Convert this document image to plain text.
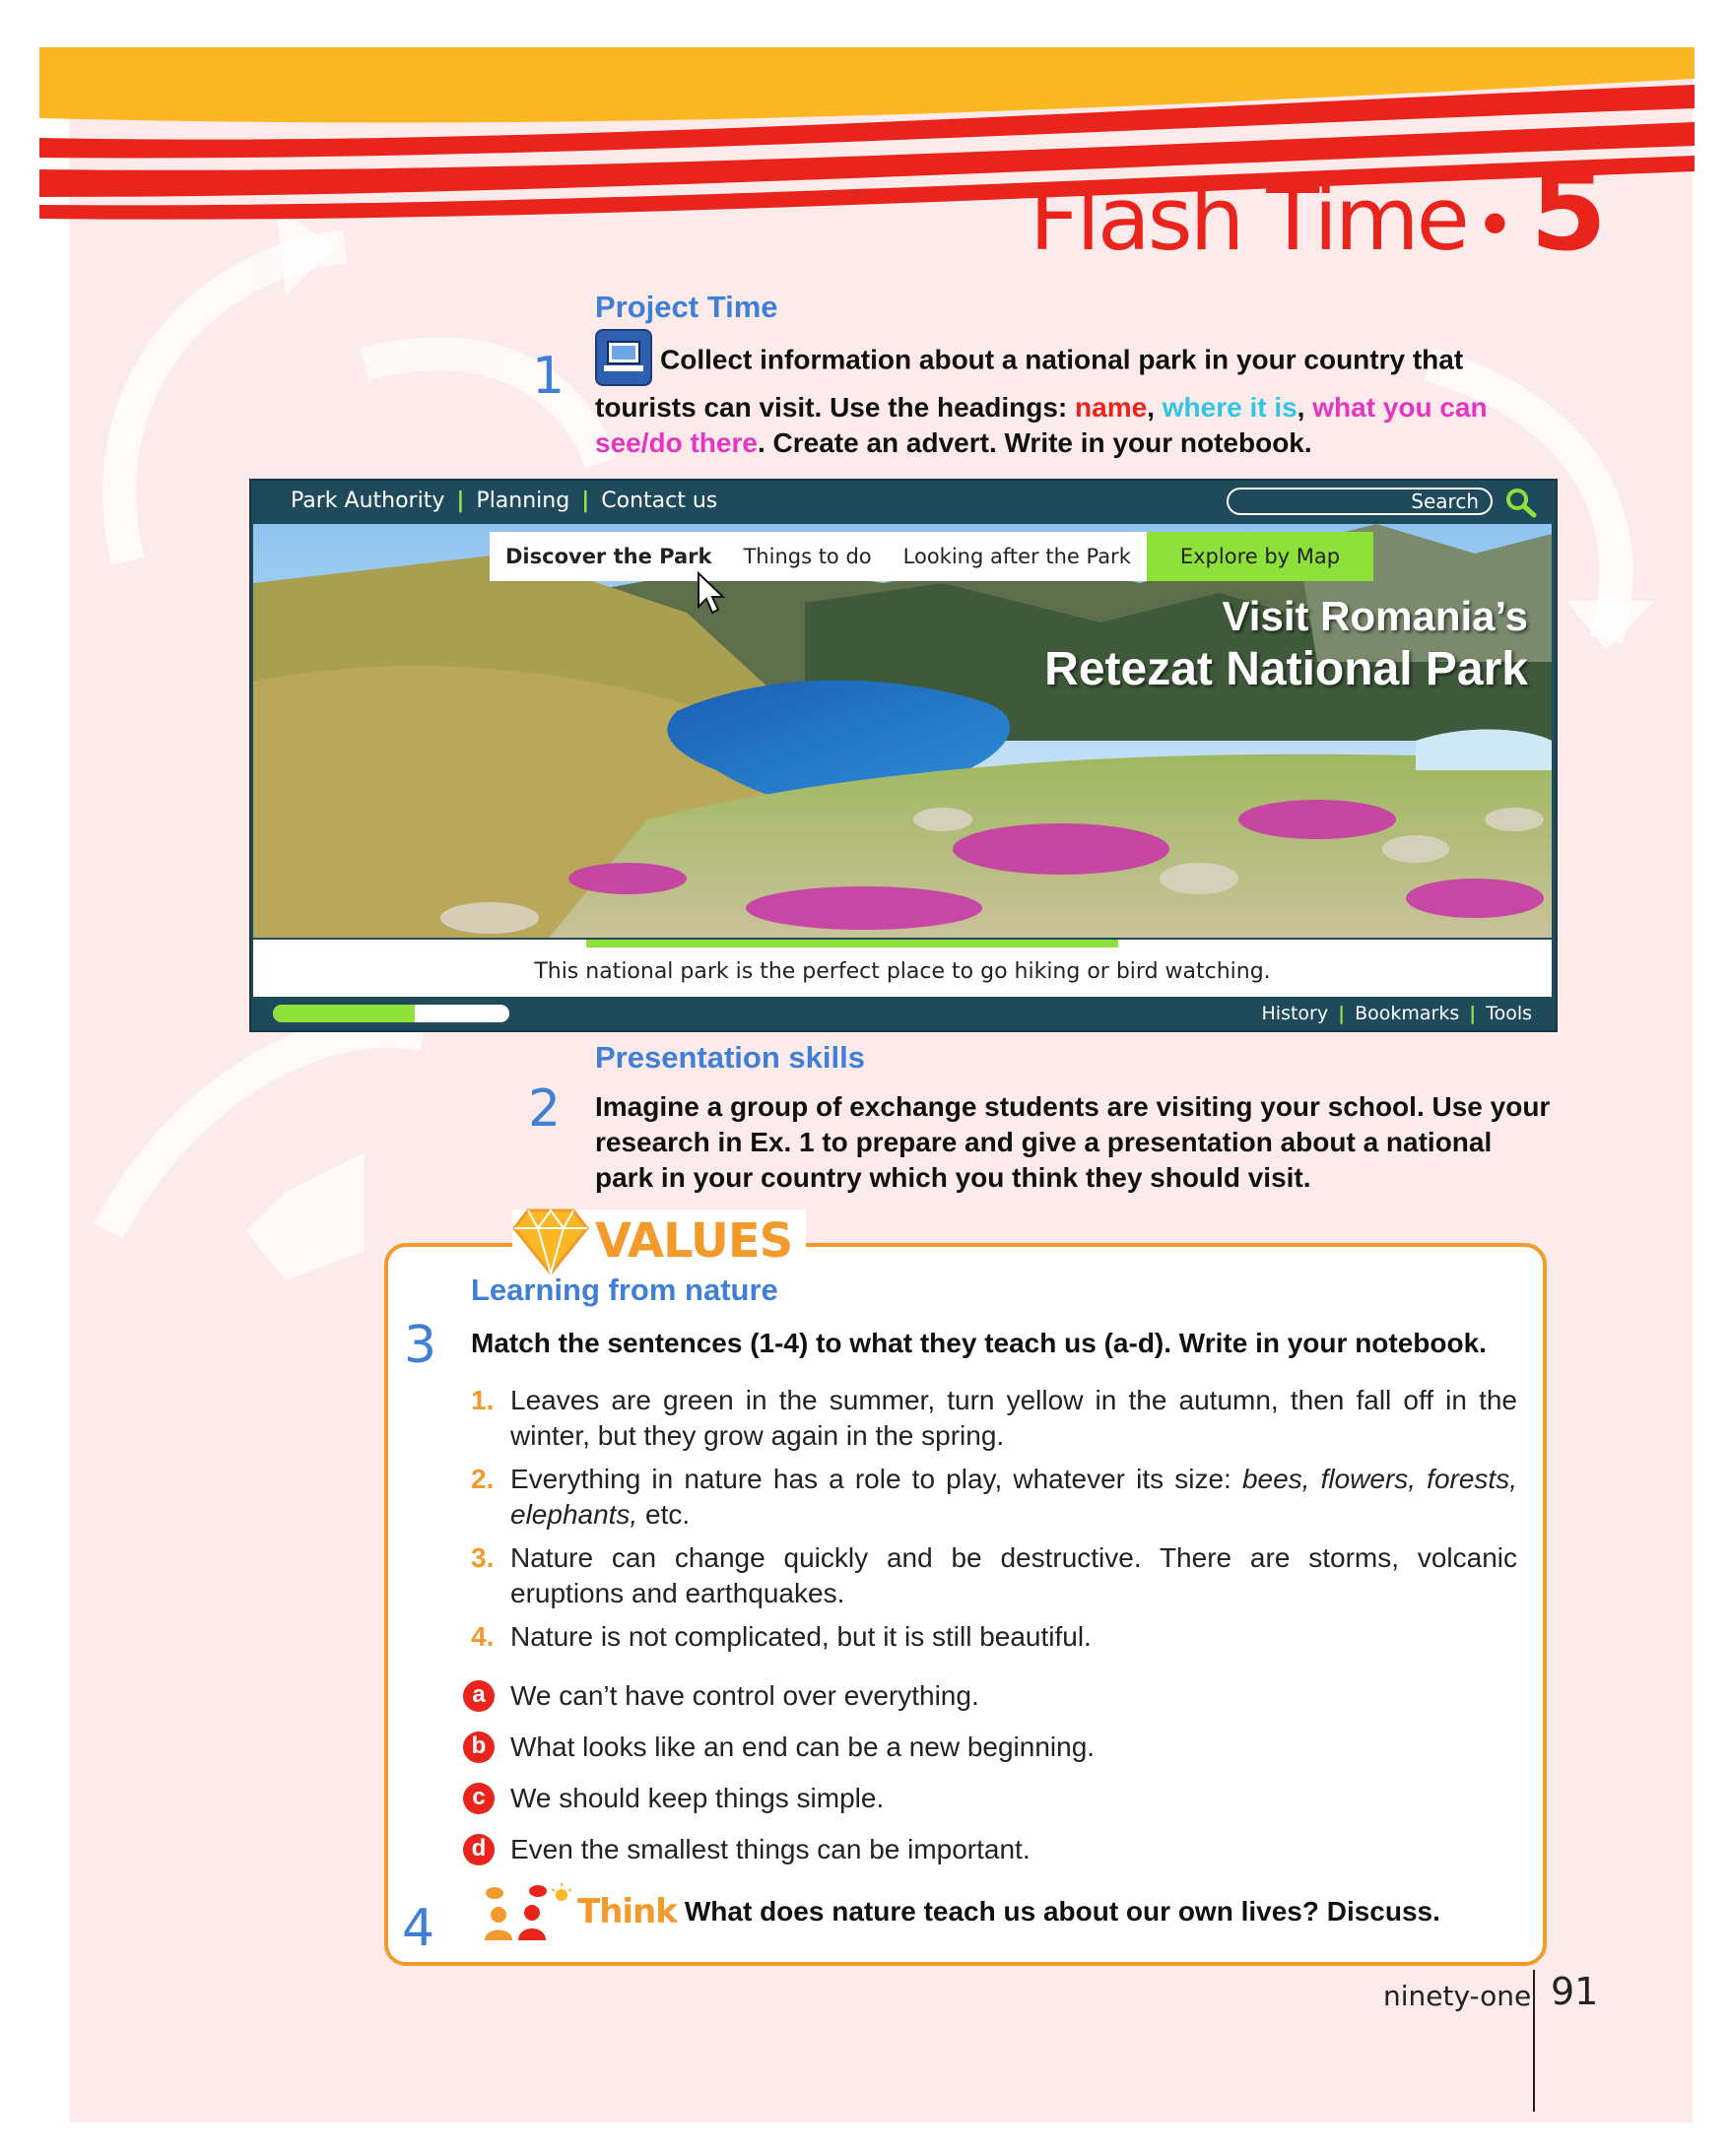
Flash Time • 5
Project Time
1	Collect information about a national park in your country that tourists can visit. Use the headings: name, where it is, what you can see/do there. Create an advert. Write in your notebook.
Park Authority | Planning | Contact us	Search
Discover the Park	Things to do	Looking after the Park	Explore by Map
Visit Romania’s
Retezat National Park
This national park is the perfect place to go hiking or bird watching.
History | Bookmarks | Tools
Presentation skills
2 Imagine a group of exchange students are visiting your school. Use your research in Ex. 1 to prepare and give a presentation about a national park in your country which you think they should visit.
VALUES
Learning from nature
3 Match the sentences (1-4) to what they teach us (a-d). Write in your notebook.
1. Leaves are green in the summer, turn yellow in the autumn, then fall off in the winter, but they grow again in the spring.
2. Everything in nature has a role to play, whatever its size: bees, flowers, forests, elephants, etc.
3. Nature can change quickly and be destructive. There are storms, volcanic eruptions and earthquakes.
4. Nature is not complicated, but it is still beautiful.
a We can’t have control over everything.
b What looks like an end can be a new beginning.
c We should keep things simple.
d Even the smallest things can be important.
4	Think What does nature teach us about our own lives? Discuss.
ninety-one 91
